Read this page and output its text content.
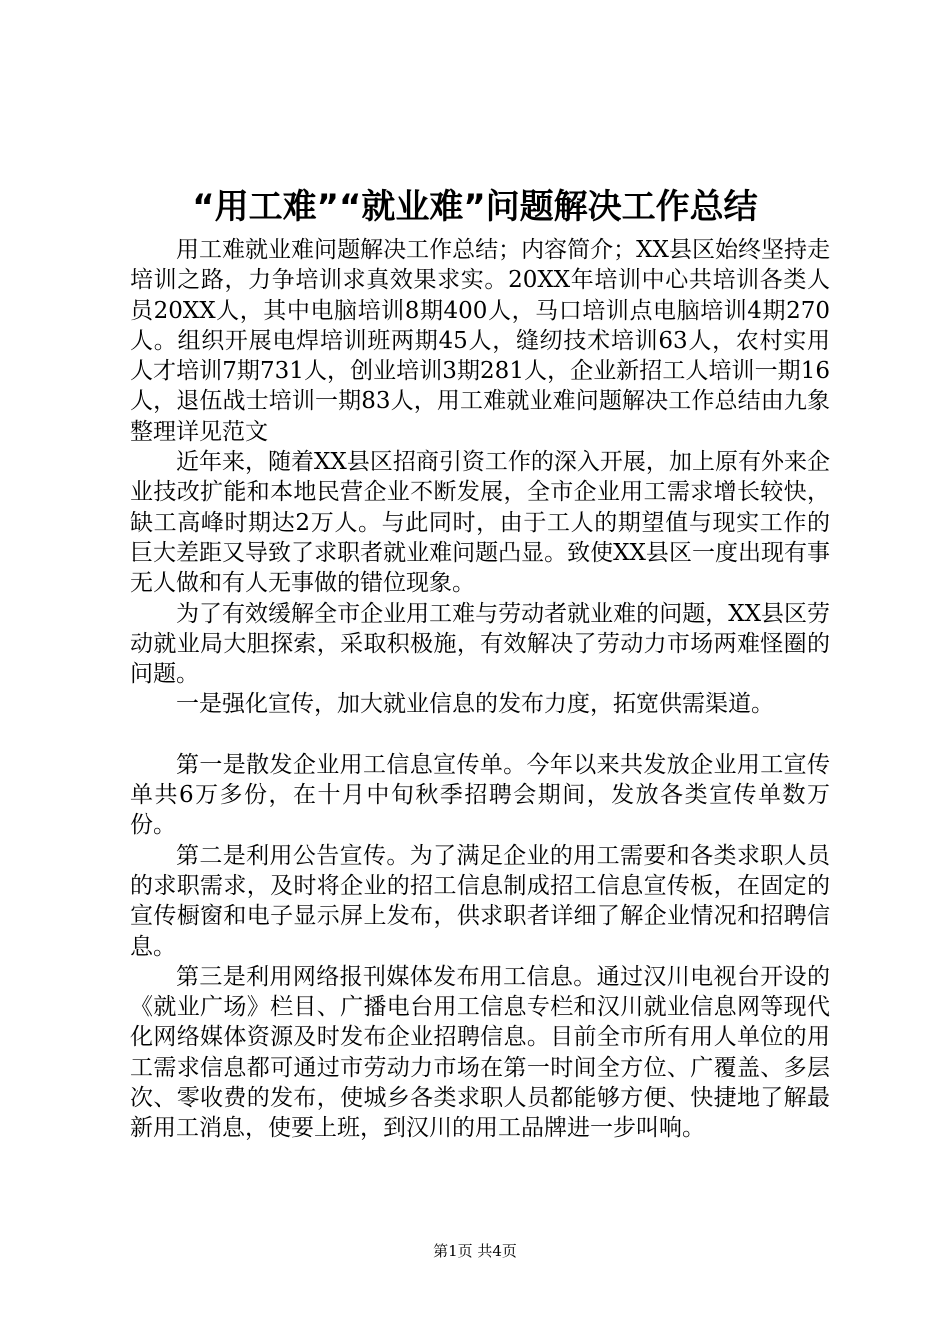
“用工难”“就业难”问题解决工作总结

用工难就业难问题解决工作总结；内容简介；XX县区始终坚持走培训之路，力争培训求真效果求实。20XX年培训中心共培训各类人员20XX人，其中电脑培训8期400人，马口培训点电脑培训4期270人。组织开展电焊培训班两期45人，缝纫技术培训63人，农村实用人才培训7期731人，创业培训3期281人，企业新招工人培训一期16人，退伍战士培训一期83人，用工难就业难问题解决工作总结由九象整理详见范文

近年来，随着XX县区招商引资工作的深入开展，加上原有外来企业技改扩能和本地民营企业不断发展，全市企业用工需求增长较快，缺工高峰时期达2万人。与此同时，由于工人的期望值与现实工作的巨大差距又导致了求职者就业难问题凸显。致使XX县区一度出现有事无人做和有人无事做的错位现象。

为了有效缓解全市企业用工难与劳动者就业难的问题，XX县区劳动就业局大胆探索，采取积极施，有效解决了劳动力市场两难怪圈的问题。

一是强化宣传，加大就业信息的发布力度，拓宽供需渠道。

第一是散发企业用工信息宣传单。今年以来共发放企业用工宣传单共6万多份，在十月中旬秋季招聘会期间，发放各类宣传单数万份。

第二是利用公告宣传。为了满足企业的用工需要和各类求职人员的求职需求，及时将企业的招工信息制成招工信息宣传板，在固定的宣传橱窗和电子显示屏上发布，供求职者详细了解企业情况和招聘信息。

第三是利用网络报刊媒体发布用工信息。通过汉川电视台开设的《就业广场》栏目、广播电台用工信息专栏和汉川就业信息网等现代化网络媒体资源及时发布企业招聘信息。目前全市所有用人单位的用工需求信息都可通过市劳动力市场在第一时间全方位、广覆盖、多层次、零收费的发布，使城乡各类求职人员都能够方便、快捷地了解最新用工消息，使要上班，到汉川的用工品牌进一步叫响。

第1页 共4页
